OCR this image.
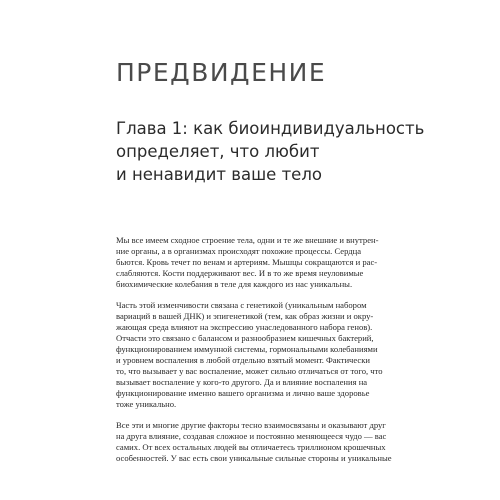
ПРЕДВИДЕНИЕ
Глава 1: как биоиндивидуальность
определяет, что любит
и ненавидит ваше тело

Мы все имеем сходное строение тела, одни и те же внешние и внутрен-
ние органы, а в организмах происходят похожие процессы. Сердца
бьются. Кровь течет по венам и артериям. Мышцы сокращаются и рас-
слабляются. Кости поддерживают вес. И в то же время неуловимые
биохимические колебания в теле для каждого из нас уникальны.

Часть этой изменчивости связана с генетикой (уникальным набором
вариаций в вашей ДНК) и эпигенетикой (тем, как образ жизни и окру-
жающая среда влияют на экспрессию унаследованного набора генов).
Отчасти это связано с балансом и разнообразием кишечных бактерий,
функционированием иммунной системы, гормональными колебаниями
и уровнем воспаления в любой отдельно взятый момент. Фактически
то, что вызывает у вас воспаление, может сильно отличаться от того, что
вызывает воспаление у кого-то другого. Да и влияние воспаления на
функционирование именно вашего организма и лично ваше здоровье
тоже уникально.

Все эти и многие другие факторы тесно взаимосвязаны и оказывают друг
на друга влияние, создавая сложное и постоянно меняющееся чудо — вас
самих. От всех остальных людей вы отличаетесь триллионом крошечных
особенностей. У вас есть свои уникальные сильные стороны и уникальные
